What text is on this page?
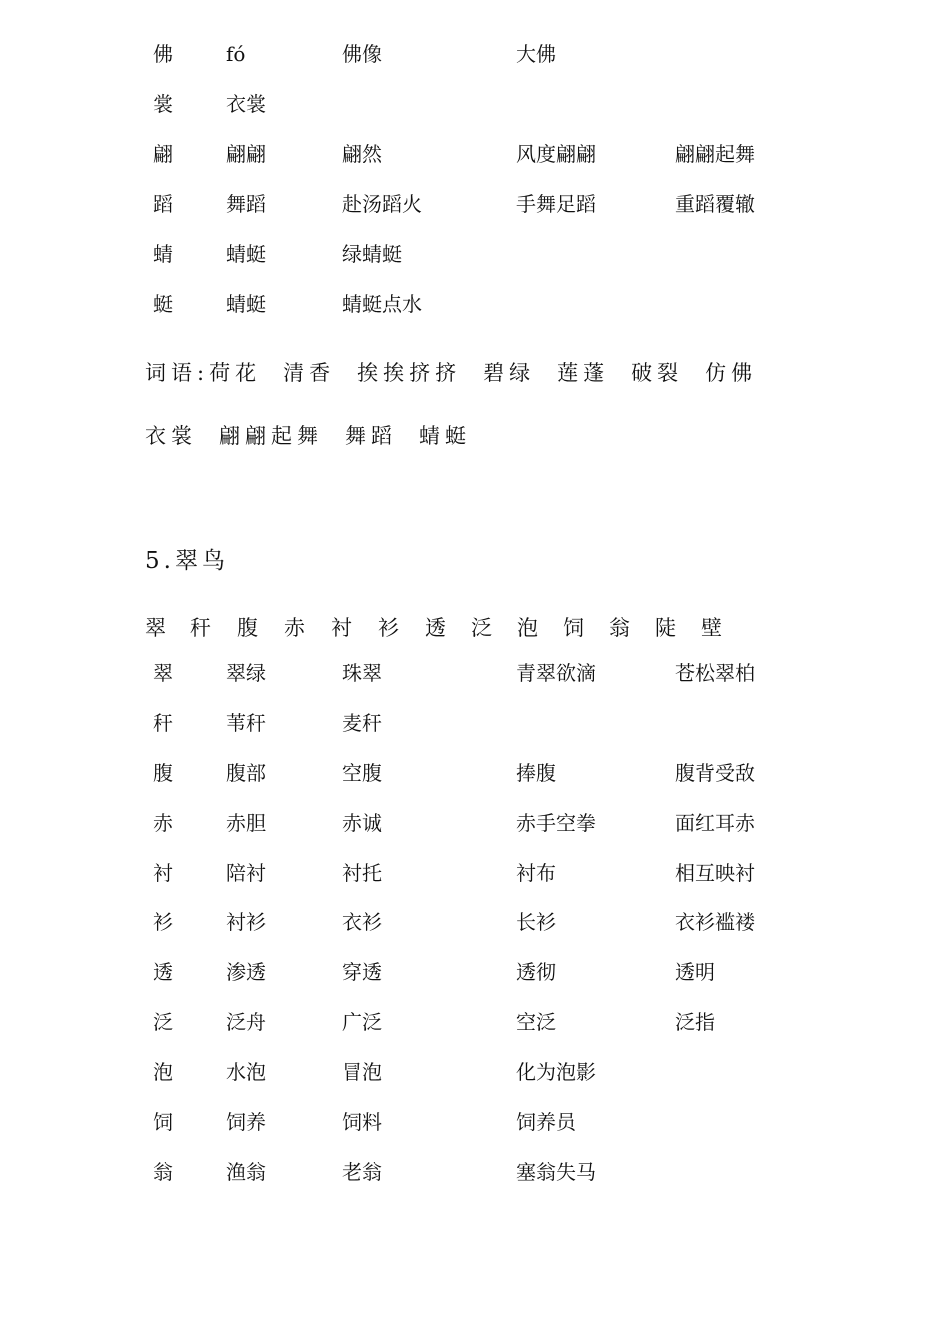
佛	fó	佛像	大佛
裳	衣裳
翩	翩翩	翩然	风度翩翩	翩翩起舞
蹈	舞蹈	赴汤蹈火	手舞足蹈	重蹈覆辙
蜻	蜻蜓	绿蜻蜓
蜓	蜻蜓	蜻蜓点水
词语:荷花 清香 挨挨挤挤 碧绿 莲蓬 破裂 仿佛
衣裳 翩翩起舞 舞蹈 蜻蜓
5.翠鸟
翠 秆 腹 赤 衬 衫 透 泛 泡 饲 翁 陡 壁
翠	翠绿	珠翠	青翠欲滴	苍松翠柏
秆	苇秆	麦秆
腹	腹部	空腹	捧腹	腹背受敌
赤	赤胆	赤诚	赤手空拳	面红耳赤
衬	陪衬	衬托	衬布	相互映衬
衫	衬衫	衣衫	长衫	衣衫褴褛
透	渗透	穿透	透彻	透明
泛	泛舟	广泛	空泛	泛指
泡	水泡	冒泡	化为泡影
饲	饲养	饲料	饲养员
翁	渔翁	老翁	塞翁失马
